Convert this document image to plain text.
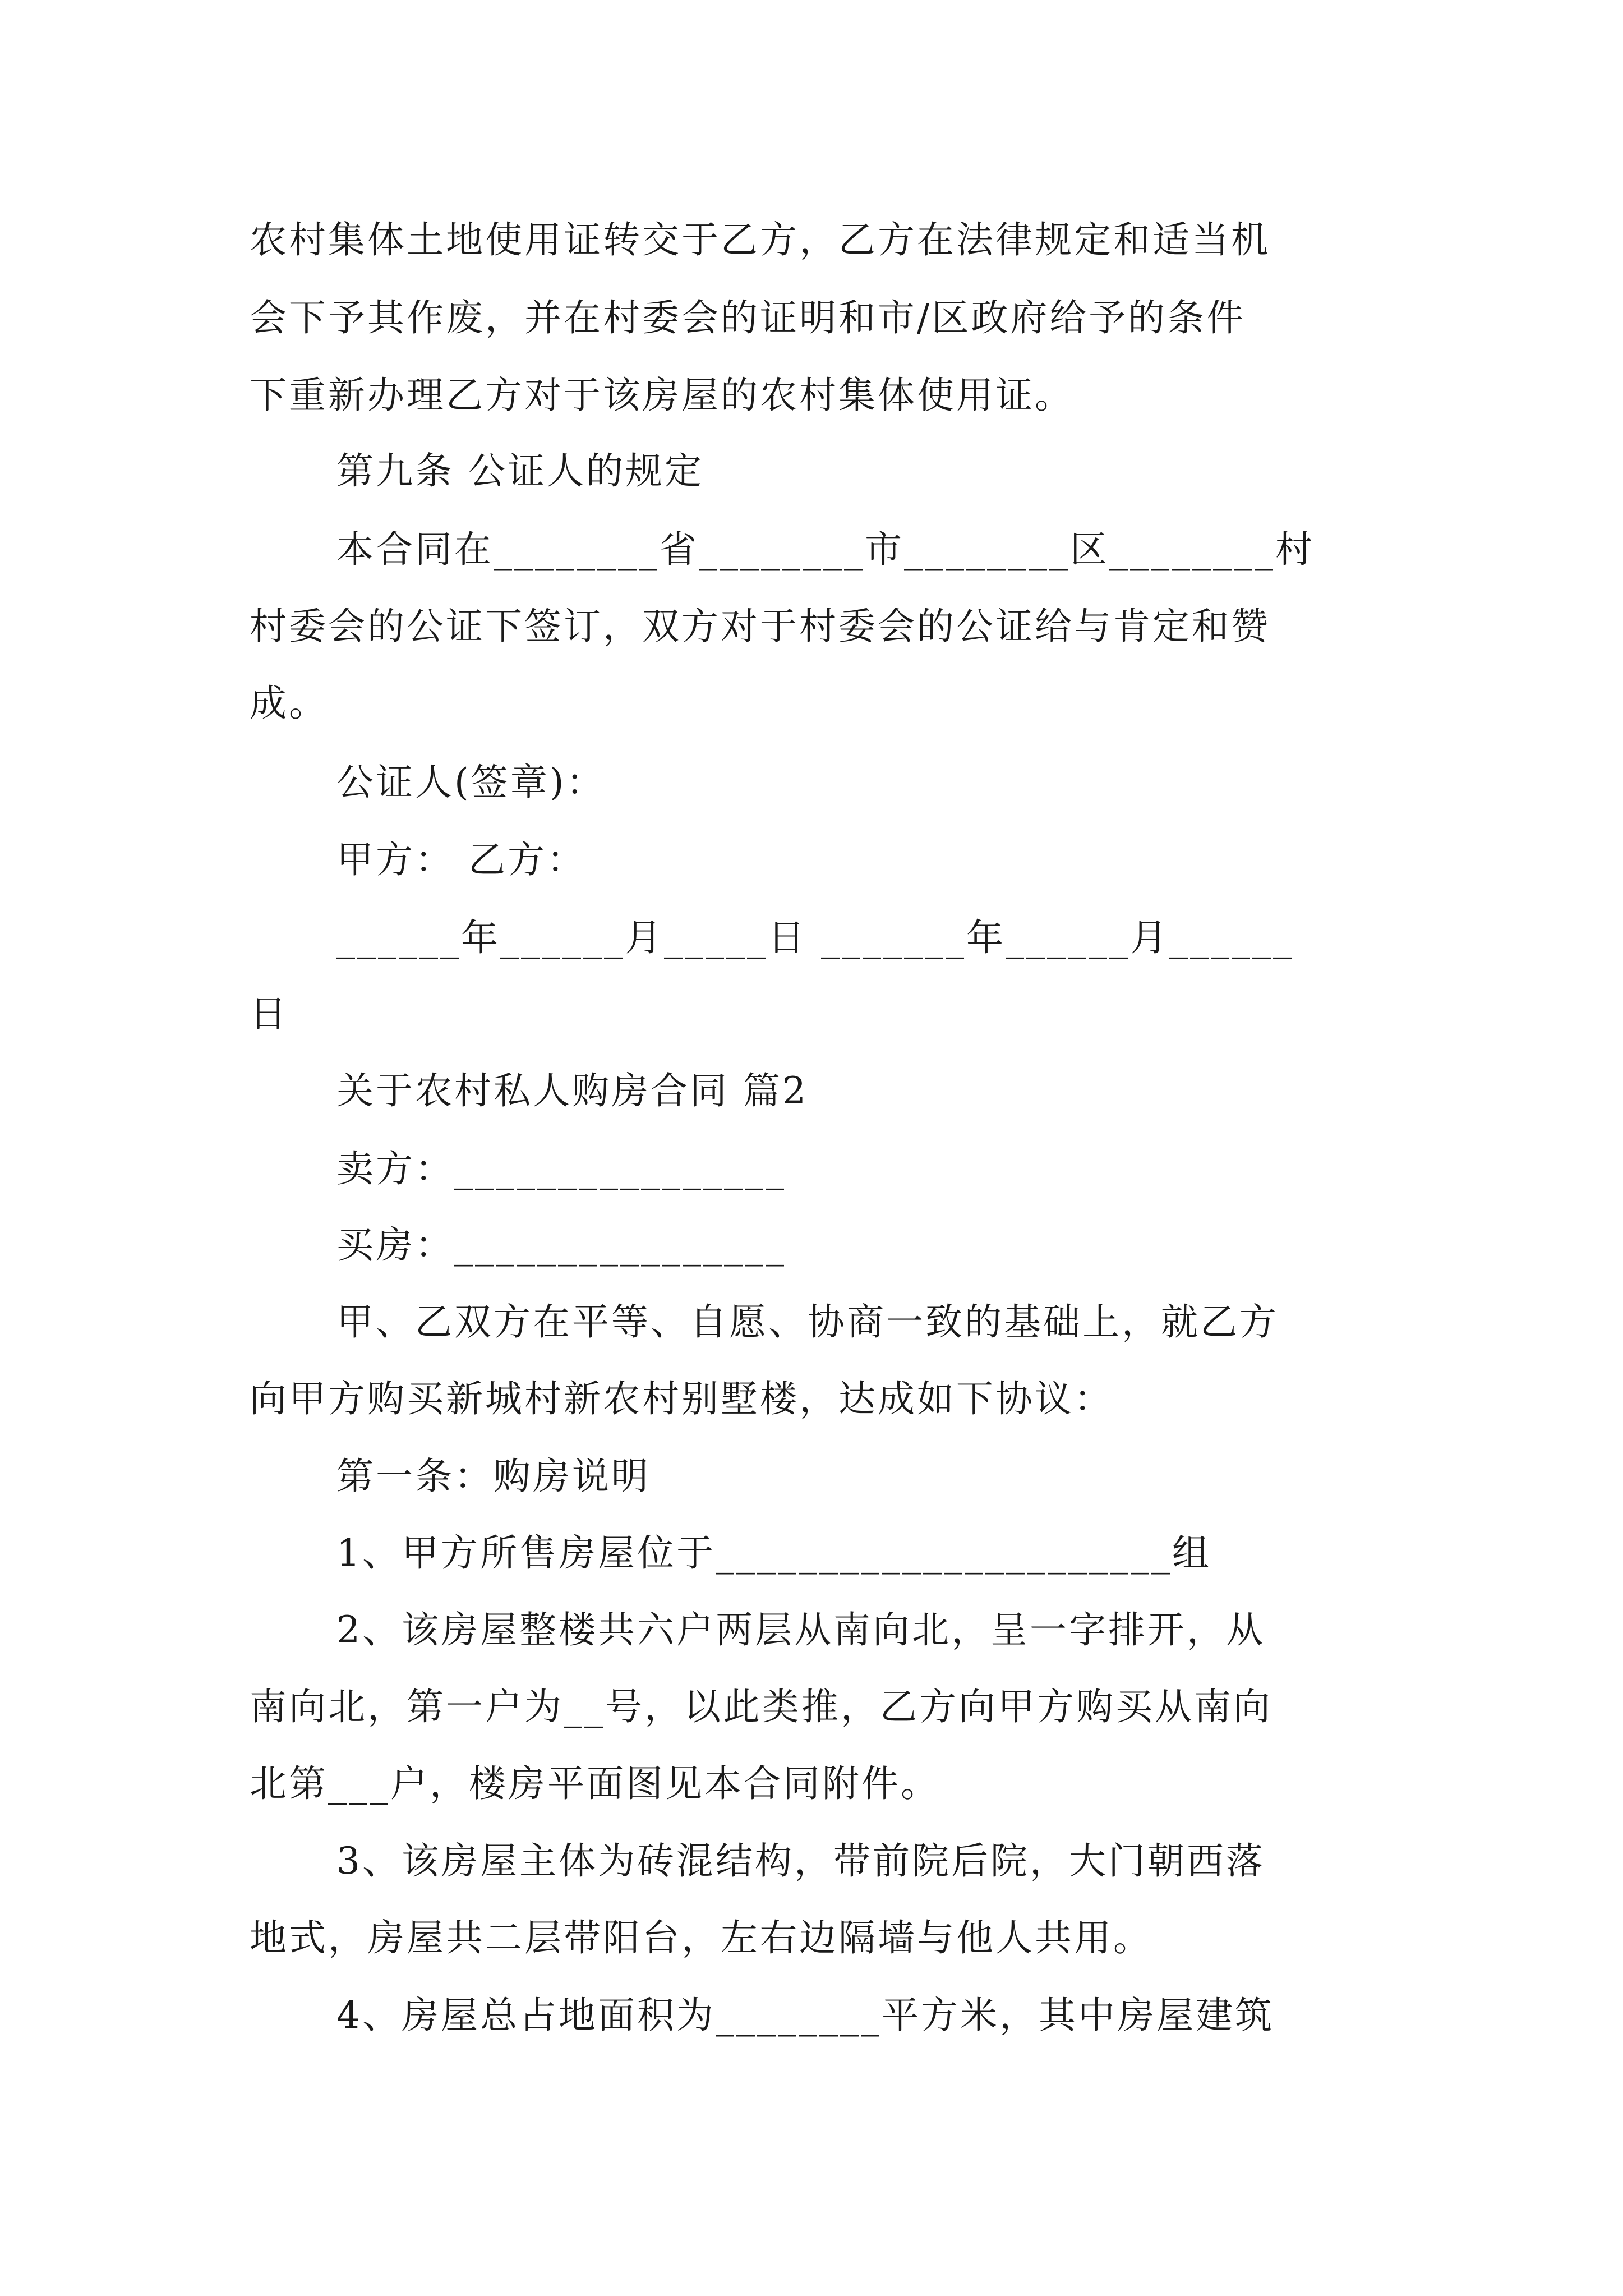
农村集体土地使用证转交于乙方，乙方在法律规定和适当机
会下予其作废，并在村委会的证明和市/区政府给予的条件
下重新办理乙方对于该房屋的农村集体使用证。
第九条 公证人的规定
本合同在________省________市________区________村
村委会的公证下签订，双方对于村委会的公证给与肯定和赞
成。
公证人(签章)：
甲方： 乙方：
______年______月_____日 _______年______月______
日
关于农村私人购房合同 篇2
卖方：________________
买房：________________
甲、乙双方在平等、自愿、协商一致的基础上，就乙方
向甲方购买新城村新农村别墅楼，达成如下协议：
第一条：购房说明
1、甲方所售房屋位于______________________组
2、该房屋整楼共六户两层从南向北，呈一字排开，从
南向北，第一户为__号，以此类推，乙方向甲方购买从南向
北第___户，楼房平面图见本合同附件。
3、该房屋主体为砖混结构，带前院后院，大门朝西落
地式，房屋共二层带阳台，左右边隔墙与他人共用。
4、房屋总占地面积为________平方米，其中房屋建筑
